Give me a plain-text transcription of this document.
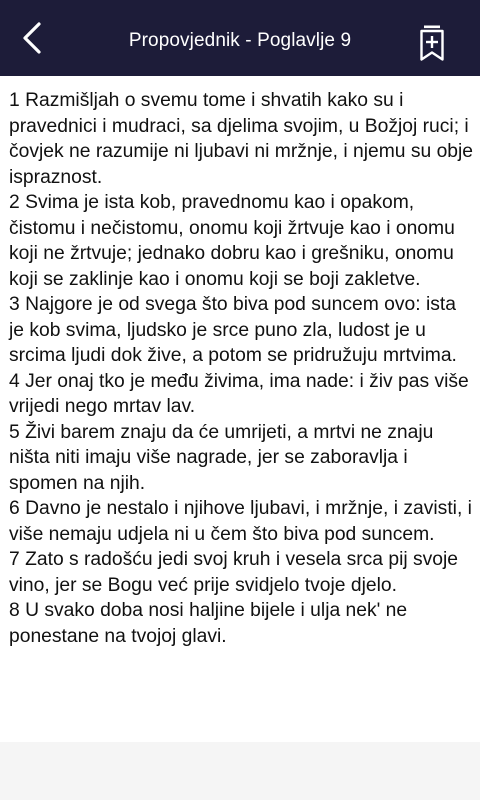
Propovjednik - Poglavlje 9

1 Razmišljah o svemu tome i shvatih kako su i pravednici i mudraci, sa djelima svojim, u Božjoj ruci; i čovjek ne razumije ni ljubavi ni mržnje, i njemu su obje ispraznost.

2 Svima je ista kob, pravednomu kao i opakom, čistomu i nečistomu, onomu koji žrtvuje kao i onomu koji ne žrtvuje; jednako dobru kao i grešniku, onomu koji se zaklinje kao i onomu koji se boji zakletve.

3 Najgore je od svega što biva pod suncem ovo: ista je kob svima, ljudsko je srce puno zla, ludost je u srcima ljudi dok žive, a potom se pridružuju mrtvima.

4 Jer onaj tko je među živima, ima nade: i živ pas više vrijedi nego mrtav lav.

5 Živi barem znaju da će umrijeti, a mrtvi ne znaju ništa niti imaju više nagrade, jer se zaboravlja i spomen na njih.

6 Davno je nestalo i njihove ljubavi, i mržnje, i zavisti, i više nemaju udjela ni u čem što biva pod suncem.

7 Zato s radošću jedi svoj kruh i vesela srca pij svoje vino, jer se Bogu već prije svidjelo tvoje djelo.

8 U svako doba nosi haljine bijele i ulja nek' ne ponestane na tvojoj glavi.
